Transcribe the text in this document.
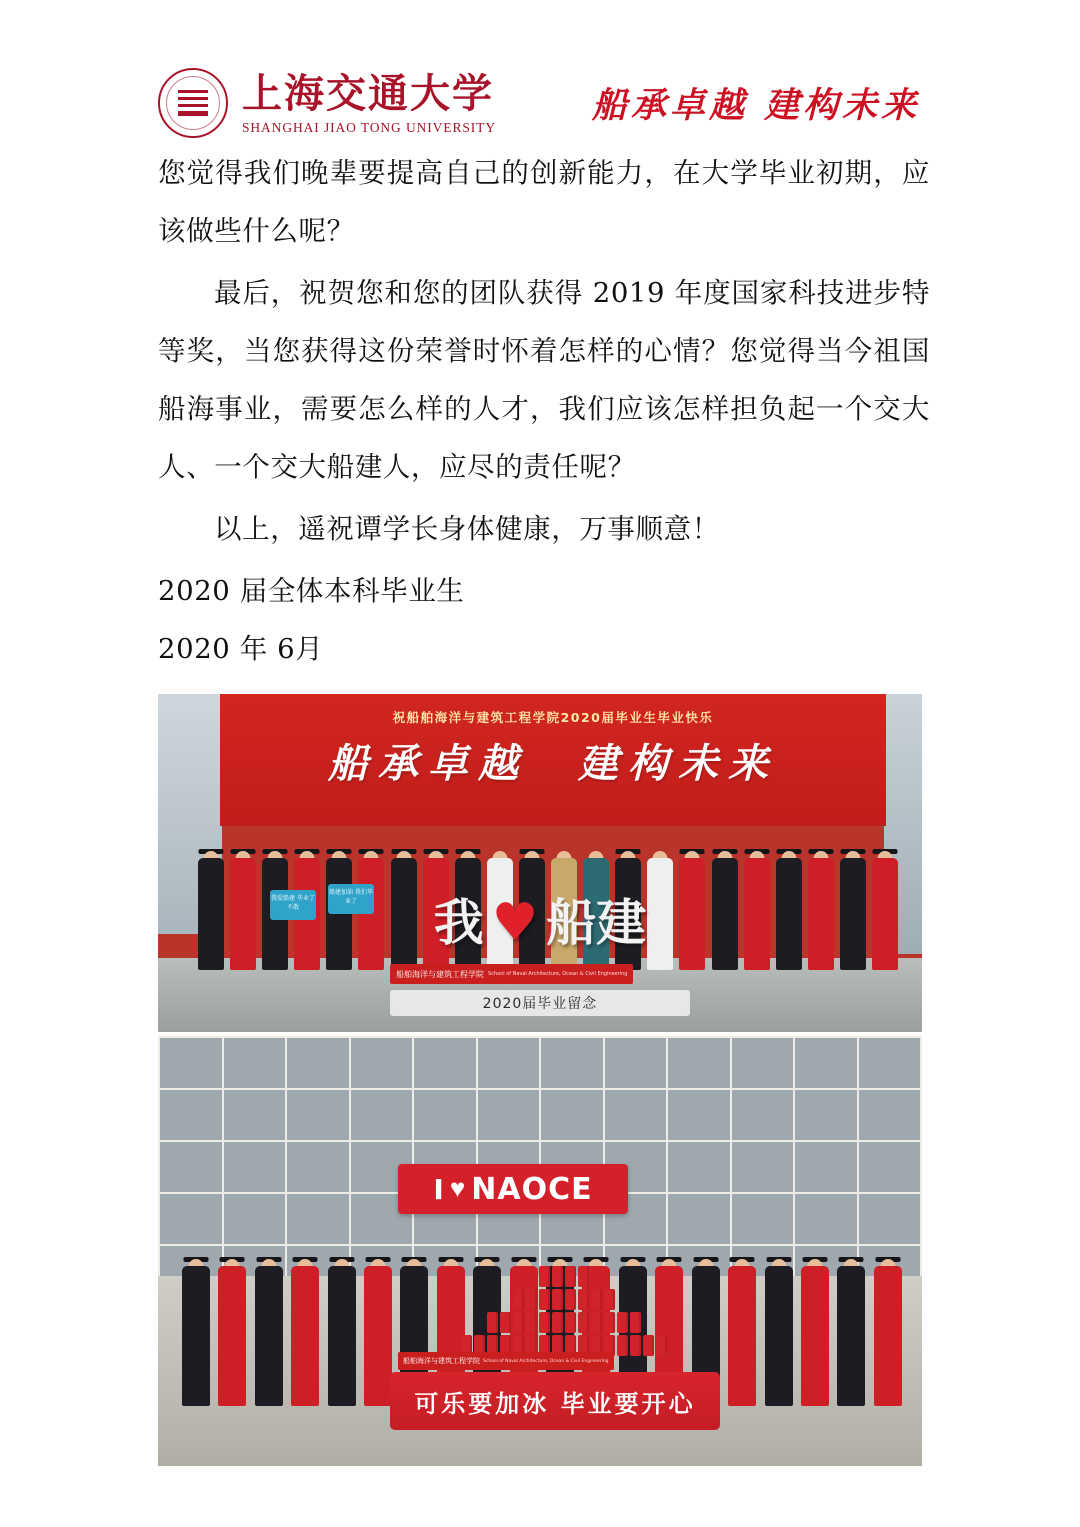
上海交通大学
SHANGHAI JIAO TONG UNIVERSITY
船承卓越 建构未来

您觉得我们晚辈要提高自己的创新能力，在大学毕业初期，应该做些什么呢？

最后，祝贺您和您的团队获得 2019 年度国家科技进步特等奖，当您获得这份荣誉时怀着怎样的心情？您觉得当今祖国船海事业，需要怎么样的人才，我们应该怎样担负起一个交大人、一个交大船建人，应尽的责任呢？

以上，遥祝谭学长身体健康，万事顺意！

2020 届全体本科毕业生

2020 年 6月

祝船舶海洋与建筑工程学院2020届毕业生毕业快乐
船承卓越　建构未来
我爱船建 毕业了不散
船建加油 我们毕业了	我 ♥ 船建
船舶海洋与建筑工程学院 School of Naval Architecture, Ocean & Civil Engineering
2020届毕业留念
I ♥ NAOCE
船舶海洋与建筑工程学院 School of Naval Architecture, Ocean & Civil Engineering
可乐要加冰 毕业要开心
